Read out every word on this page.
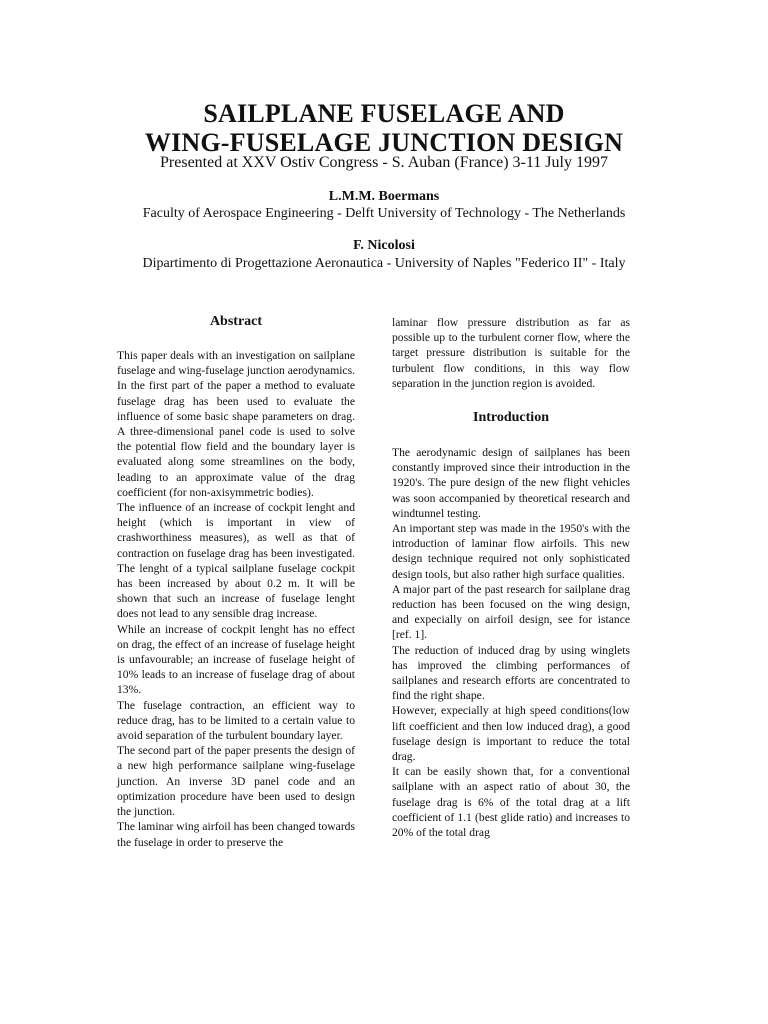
SAILPLANE FUSELAGE AND
WING-FUSELAGE JUNCTION DESIGN
Presented at XXV Ostiv Congress - S. Auban (France) 3-11 July 1997
L.M.M. Boermans
Faculty of Aerospace Engineering - Delft University of Technology - The Netherlands
F. Nicolosi
Dipartimento di Progettazione Aeronautica - University of Naples "Federico II" - Italy

Abstract

This paper deals with an investigation on sailplane fuselage and wing-fuselage junction aerodynamics. In the first part of the paper a method to evaluate fuselage drag has been used to evaluate the influence of some basic shape parameters on drag. A three-dimensional panel code is used to solve the potential flow field and the boundary layer is evaluated along some streamlines on the body, leading to an approximate value of the drag coefficient (for non-axisymmetric bodies).

The influence of an increase of cockpit lenght and height (which is important in view of crashworthiness measures), as well as that of contraction on fuselage drag has been investigated. The lenght of a typical sailplane fuselage cockpit has been increased by about 0.2 m. It will be shown that such an increase of fuselage lenght does not lead to any sensible drag increase.

While an increase of cockpit lenght has no effect on drag, the effect of an increase of fuselage height is unfavourable; an increase of fuselage height of 10% leads to an increase of fuselage drag of about 13%.

The fuselage contraction, an efficient way to reduce drag, has to be limited to a certain value to avoid separation of the turbulent boundary layer.

The second part of the paper presents the design of a new high performance sailplane wing-fuselage junction. An inverse 3D panel code and an optimization procedure have been used to design the junction.

The laminar wing airfoil has been changed towards the fuselage in order to preserve the

laminar flow pressure distribution as far as possible up to the turbulent corner flow, where the target pressure distribution is suitable for the turbulent flow conditions, in this way flow separation in the junction region is avoided.

Introduction

The aerodynamic design of sailplanes has been constantly improved since their introduction in the 1920's. The pure design of the new flight vehicles was soon accompanied by theoretical research and windtunnel testing.

An important step was made in the 1950's with the introduction of laminar flow airfoils. This new design technique required not only sophisticated design tools, but also rather high surface qualities.

A major part of the past research for sailplane drag reduction has been focused on the wing design, and expecially on airfoil design, see for istance [ref. 1].

The reduction of induced drag by using winglets has improved the climbing performances of sailplanes and research efforts are concentrated to find the right shape.

However, expecially at high speed conditions(low lift coefficient and then low induced drag), a good fuselage design is important to reduce the total drag.

It can be easily shown that, for a conventional sailplane with an aspect ratio of about 30, the fuselage drag is 6% of the total drag at a lift coefficient of 1.1 (best glide ratio) and increases to 20% of the total drag
